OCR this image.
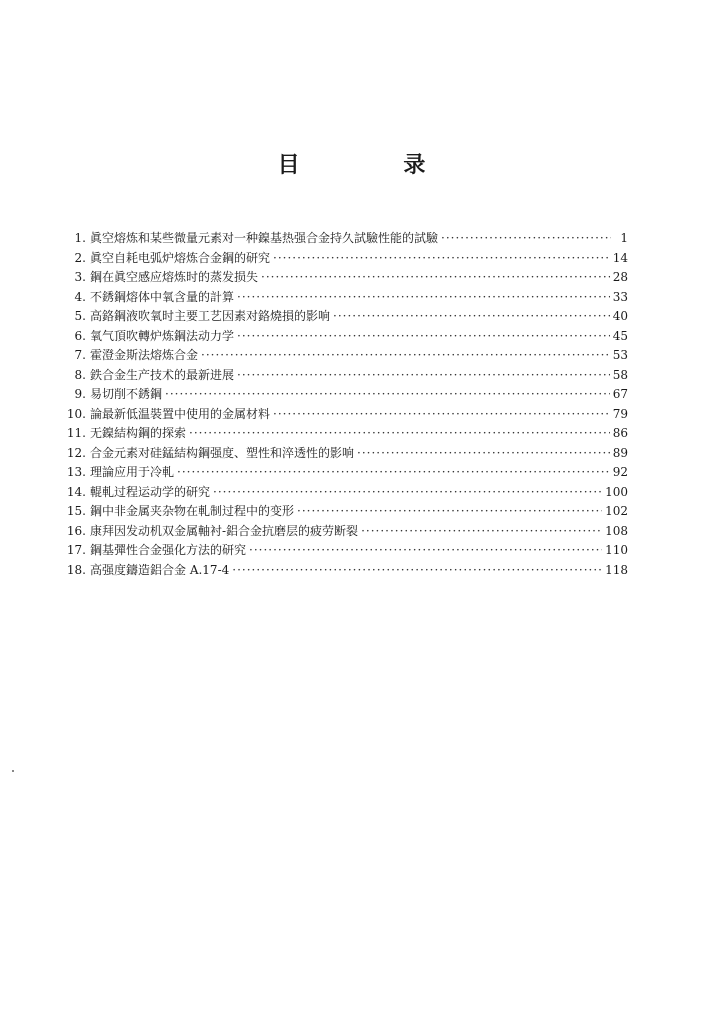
目 录
1. 眞空熔炼和某些微量元素对一种鎳基热强合金持久試驗性能的試驗 ·····	1
2. 眞空自耗电弧炉熔炼合金鋼的研究 ·····	14
3. 鋼在眞空感应熔炼时的蒸发损失 ·····	28
4. 不銹鋼熔体中氧含量的計算 ·····	33
5. 高鉻鋼液吹氧时主要工艺因素对鉻燒損的影响 ·····	40
6. 氧气頂吹轉炉炼鋼法动力学 ·····	45
7. 霍澄金斯法熔炼合金 ·····	53
8. 鉄合金生产技术的最新进展 ·····	58
9. 易切削不銹鋼 ·····	67
10. 論最新低温裝置中使用的金属材料 ·····	79
11. 无鎳結构鋼的探索 ·····	86
12. 合金元素对硅錳結构鋼强度、塑性和淬透性的影响 ·····	89
13. 理論应用于冷軋 ·····	92
14. 輥軋过程运动学的研究 ·····	100
15. 鋼中非金属夹杂物在軋制过程中的变形 ·····	102
16. 康拜因发动机双金属軸衬-鋁合金抗磨层的疲劳断裂 ·····	108
17. 鋼基彈性合金强化方法的研究 ·····	110
18. 高强度鑄造鋁合金 A.17-4 ·····	118
